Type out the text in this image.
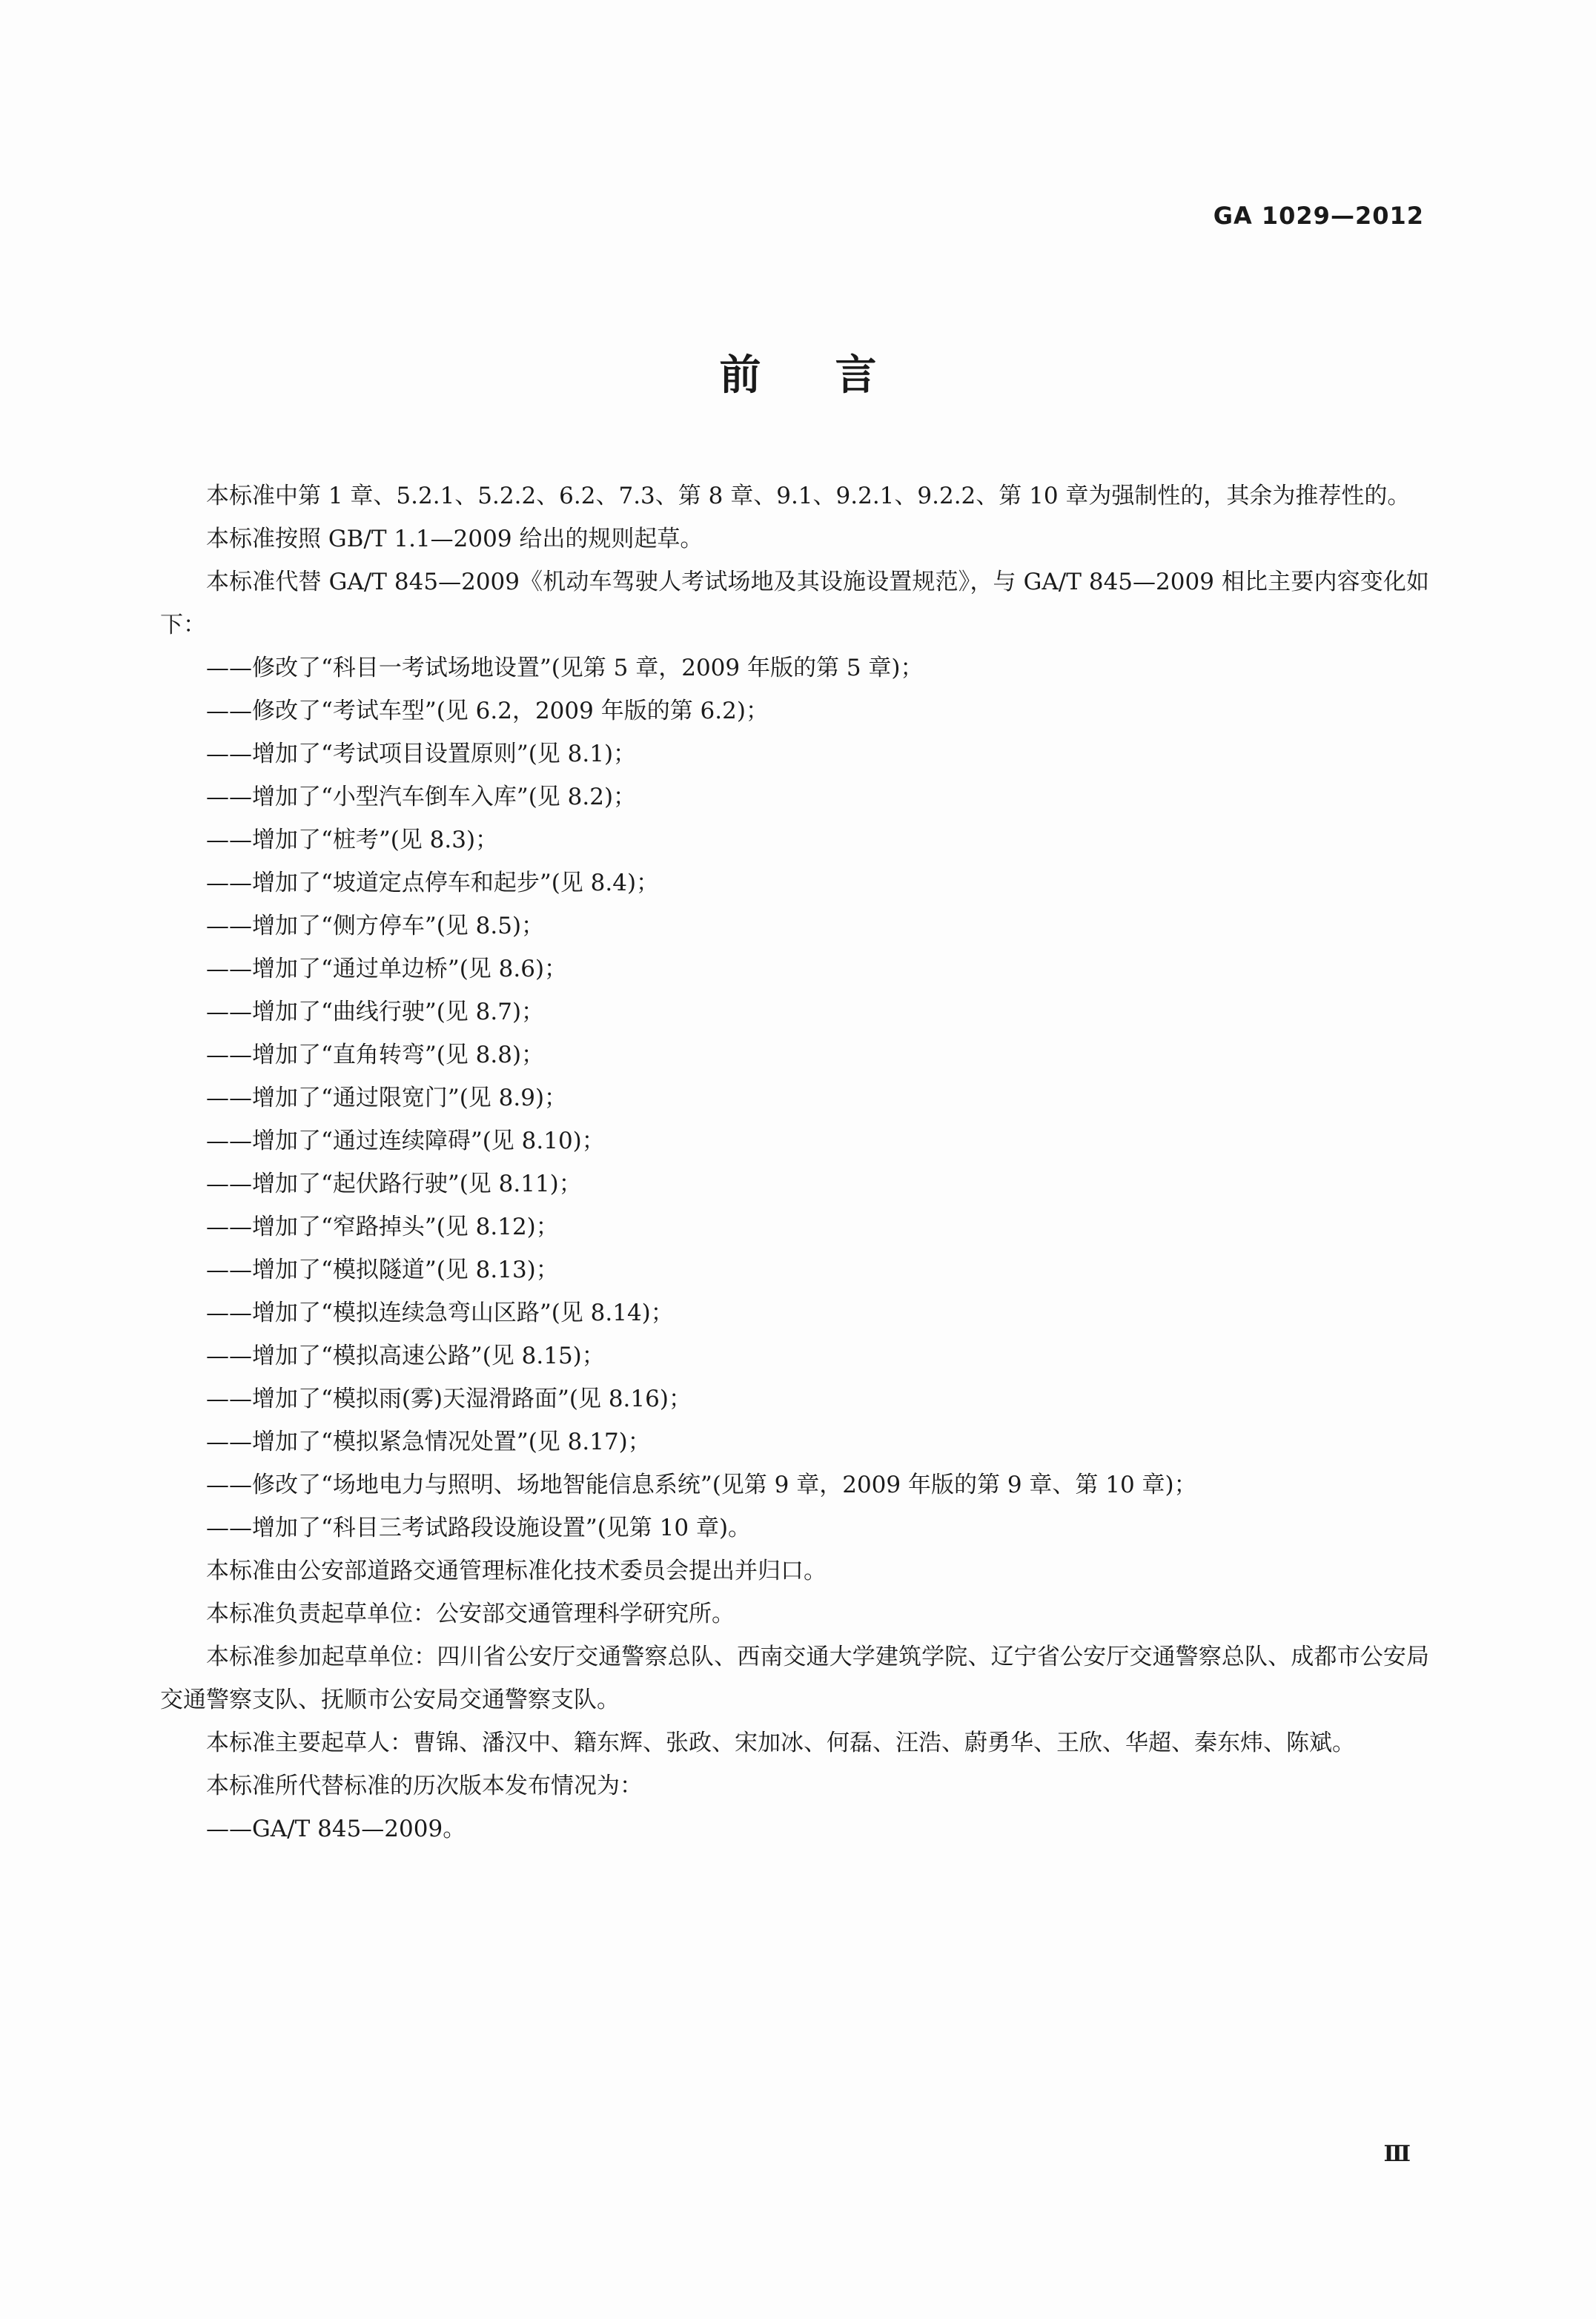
GA 1029—2012
前言

本标准中第 1 章、5.2.1、5.2.2、6.2、7.3、第 8 章、9.1、9.2.1、9.2.2、第 10 章为强制性的，其余为推荐性的。

本标准按照 GB/T 1.1—2009 给出的规则起草。

本标准代替 GA/T 845—2009《机动车驾驶人考试场地及其设施设置规范》，与 GA/T 845—2009 相比主要内容变化如下：

——修改了“科目一考试场地设置”(见第 5 章，2009 年版的第 5 章)；

——修改了“考试车型”(见 6.2，2009 年版的第 6.2)；

——增加了“考试项目设置原则”(见 8.1)；

——增加了“小型汽车倒车入库”(见 8.2)；

——增加了“桩考”(见 8.3)；

——增加了“坡道定点停车和起步”(见 8.4)；

——增加了“侧方停车”(见 8.5)；

——增加了“通过单边桥”(见 8.6)；

——增加了“曲线行驶”(见 8.7)；

——增加了“直角转弯”(见 8.8)；

——增加了“通过限宽门”(见 8.9)；

——增加了“通过连续障碍”(见 8.10)；

——增加了“起伏路行驶”(见 8.11)；

——增加了“窄路掉头”(见 8.12)；

——增加了“模拟隧道”(见 8.13)；

——增加了“模拟连续急弯山区路”(见 8.14)；

——增加了“模拟高速公路”(见 8.15)；

——增加了“模拟雨(雾)天湿滑路面”(见 8.16)；

——增加了“模拟紧急情况处置”(见 8.17)；

——修改了“场地电力与照明、场地智能信息系统”(见第 9 章，2009 年版的第 9 章、第 10 章)；

——增加了“科目三考试路段设施设置”(见第 10 章)。

本标准由公安部道路交通管理标准化技术委员会提出并归口。

本标准负责起草单位：公安部交通管理科学研究所。

本标准参加起草单位：四川省公安厅交通警察总队、西南交通大学建筑学院、辽宁省公安厅交通警察总队、成都市公安局交通警察支队、抚顺市公安局交通警察支队。

本标准主要起草人：曹锦、潘汉中、籍东辉、张政、宋加冰、何磊、汪浩、蔚勇华、王欣、华超、秦东炜、陈斌。

本标准所代替标准的历次版本发布情况为：

——GA/T 845—2009。

Ⅲ
